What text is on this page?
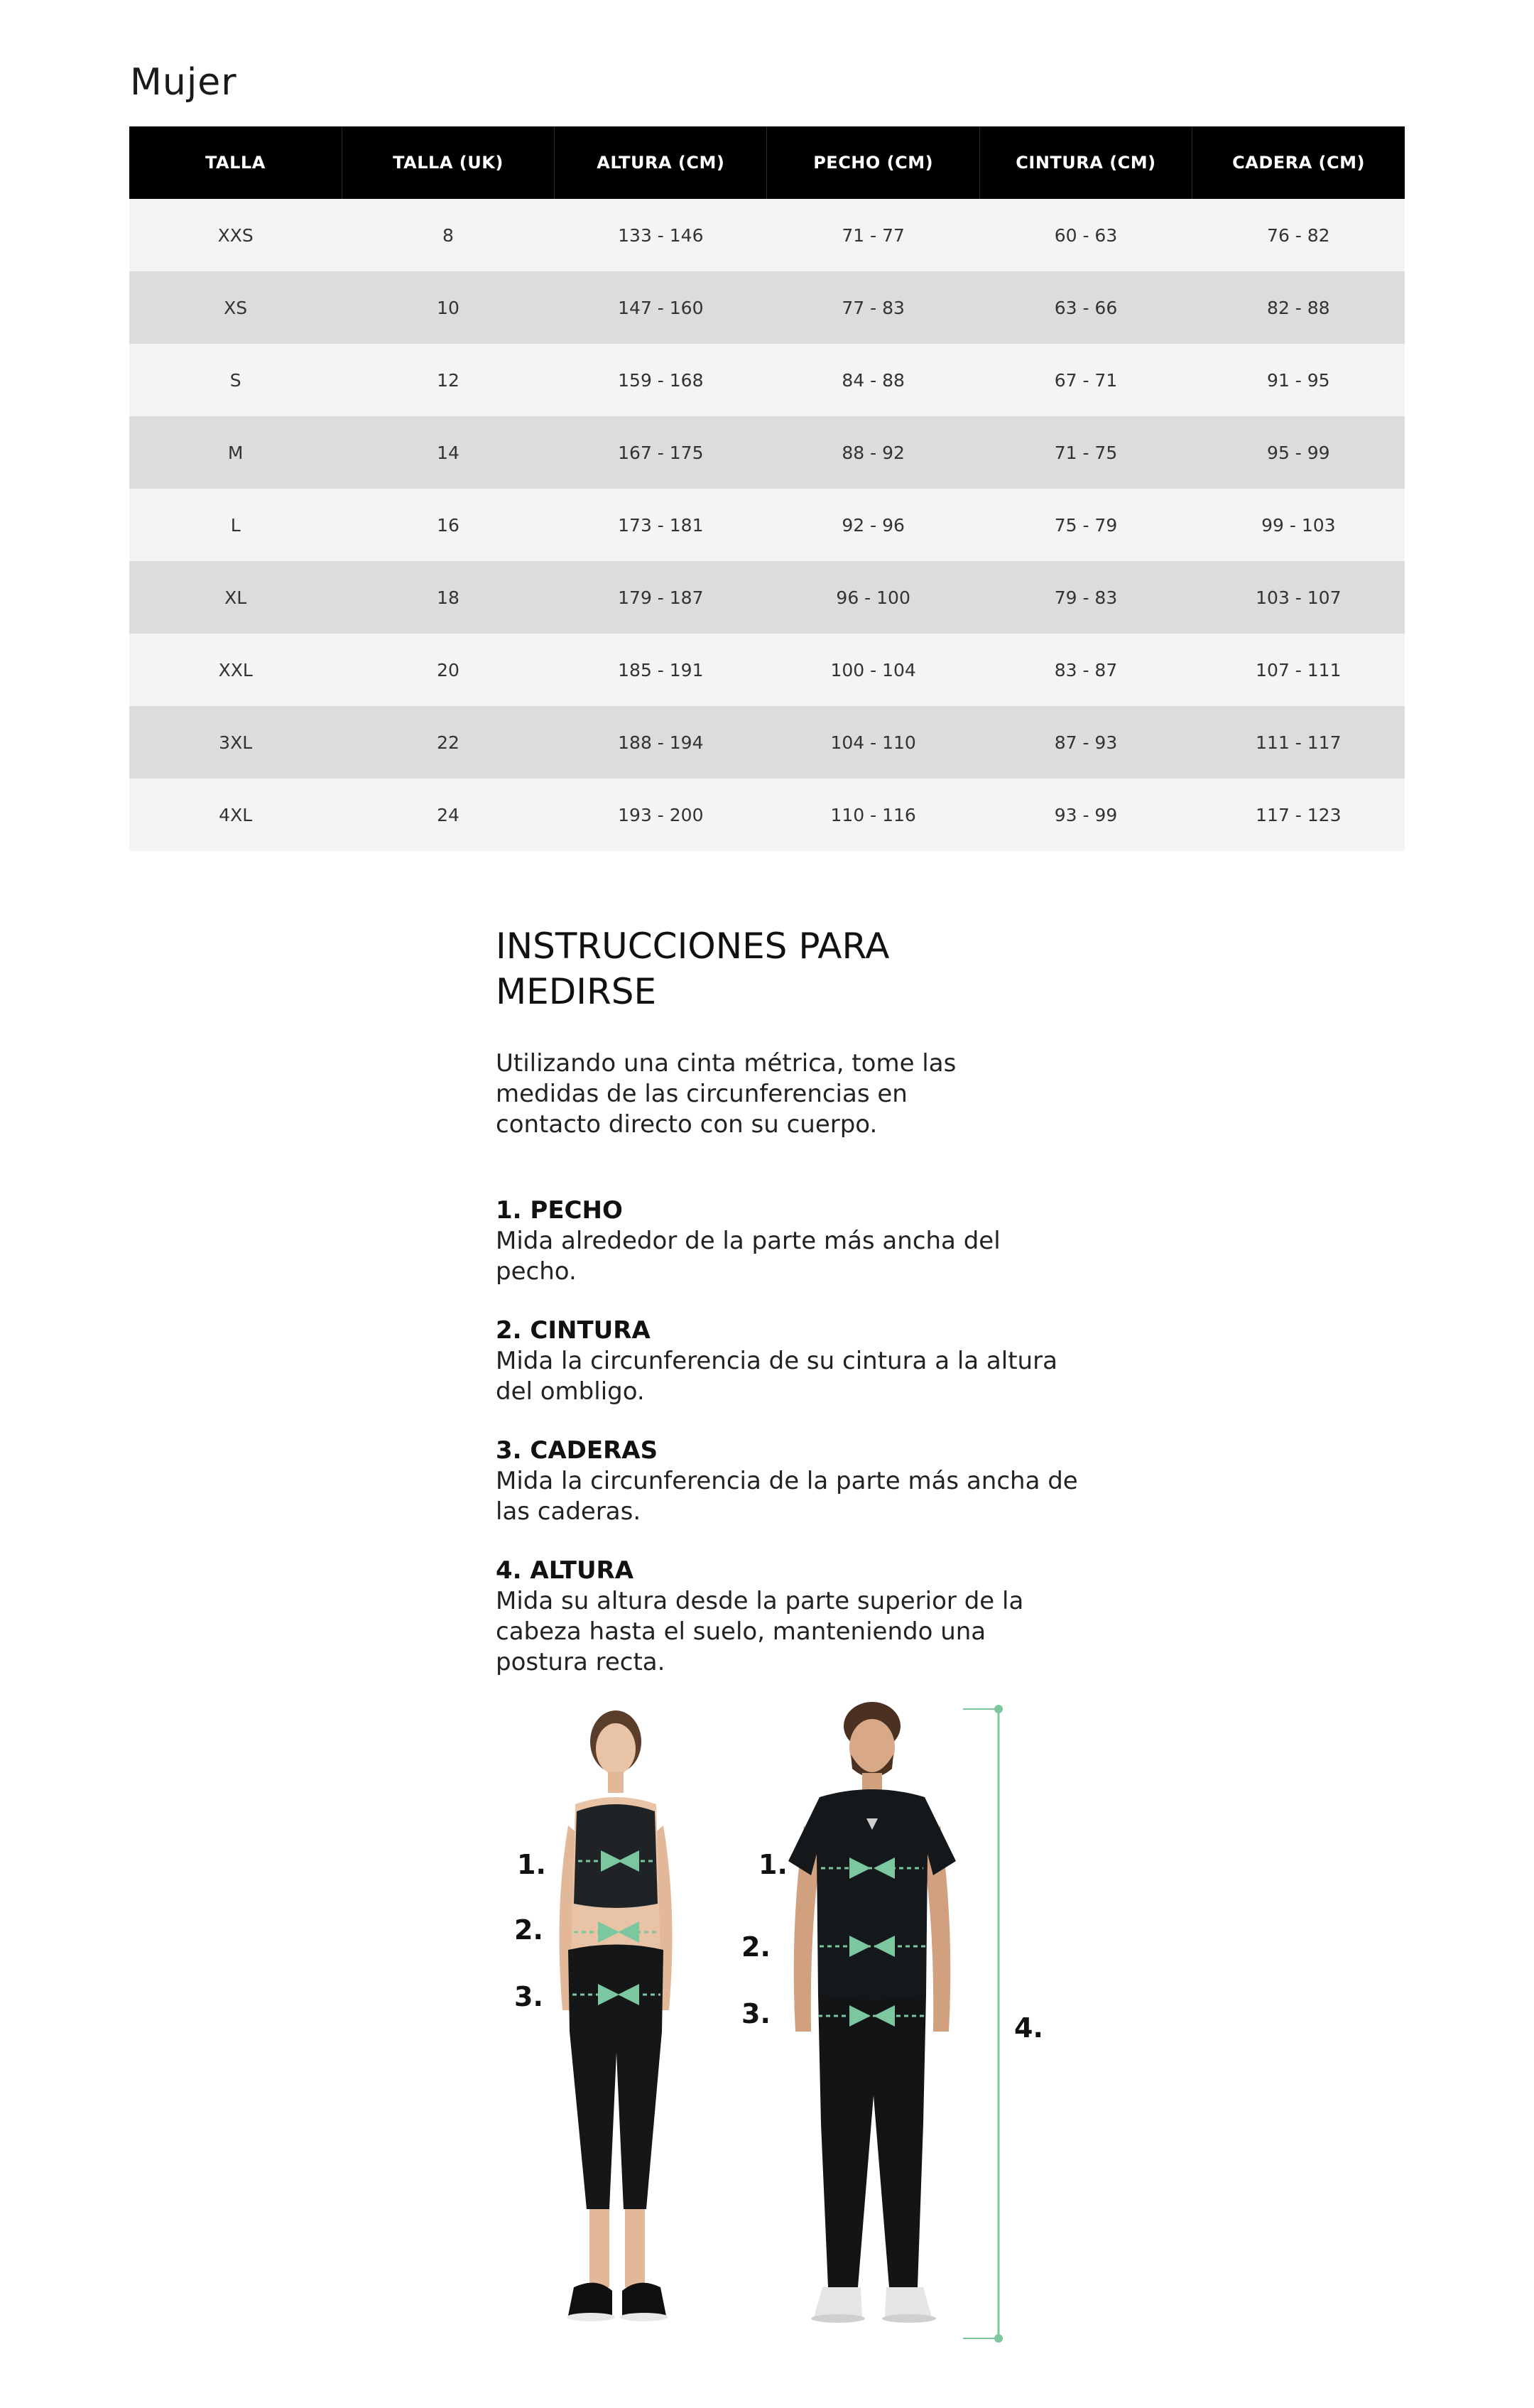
Mujer
TALLA	TALLA (UK)	ALTURA (CM)	PECHO (CM)	CINTURA (CM)	CADERA (CM)
XXS	8	133 - 146	71 - 77	60 - 63	76 - 82
XS	10	147 - 160	77 - 83	63 - 66	82 - 88
S	12	159 - 168	84 - 88	67 - 71	91 - 95
M	14	167 - 175	88 - 92	71 - 75	95 - 99
L	16	173 - 181	92 - 96	75 - 79	99 - 103
XL	18	179 - 187	96 - 100	79 - 83	103 - 107
XXL	20	185 - 191	100 - 104	83 - 87	107 - 111
3XL	22	188 - 194	104 - 110	87 - 93	111 - 117
4XL	24	193 - 200	110 - 116	93 - 99	117 - 123
INSTRUCCIONES PARA MEDIRSE

Utilizando una cinta métrica, tome las medidas de las circunferencias en contacto directo con su cuerpo.

1. PECHO
Mida alrededor de la parte más ancha del pecho.
2. CINTURA
Mida la circunferencia de su cintura a la altura del ombligo.
3. CADERAS
Mida la circunferencia de la parte más ancha de las caderas.
4. ALTURA
Mida su altura desde la parte superior de la cabeza hasta el suelo, manteniendo una postura recta.
1.
2.
3.
1.
2.
3.	4.
